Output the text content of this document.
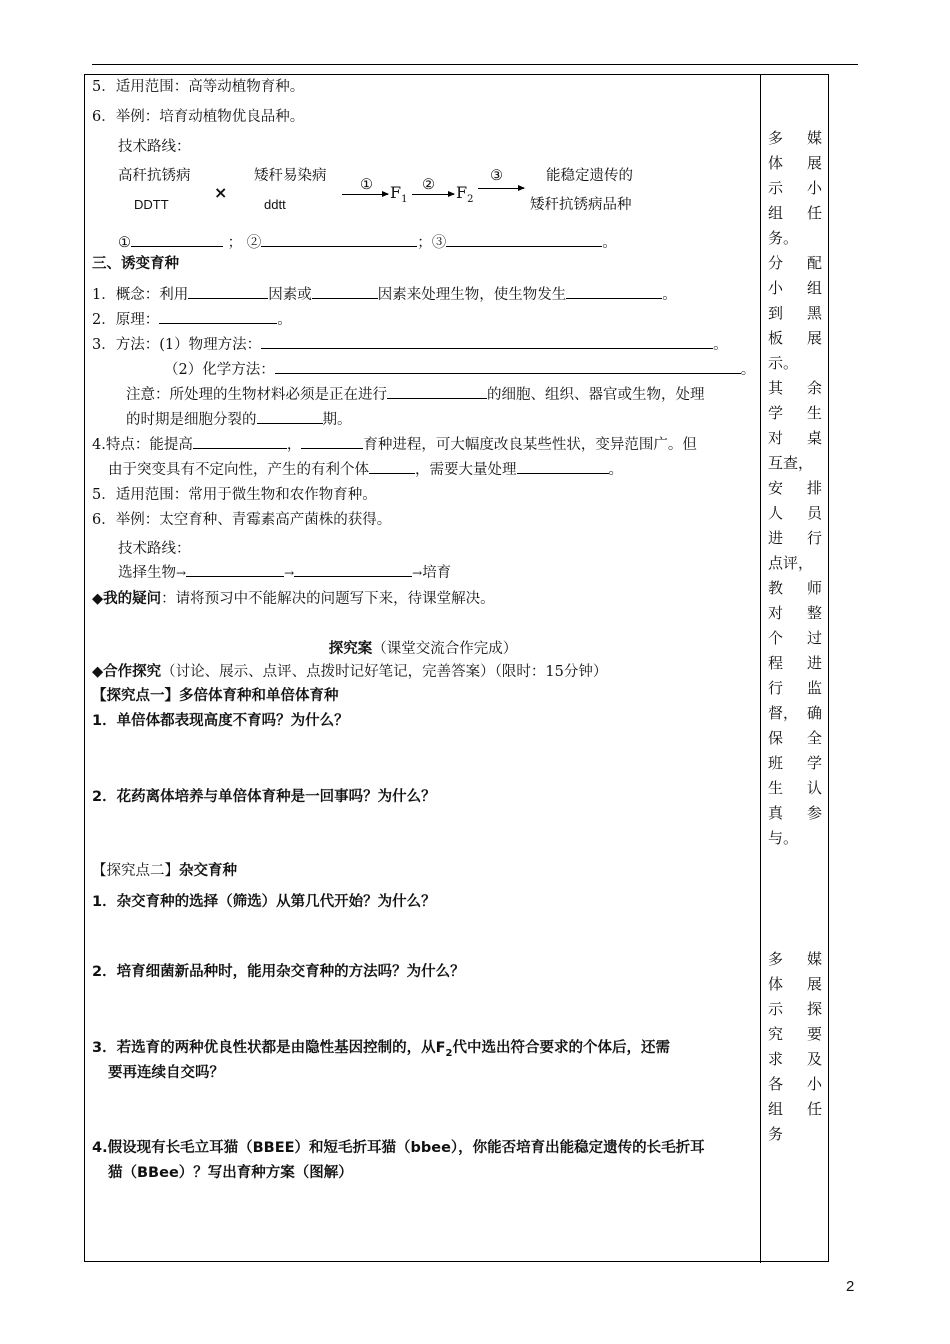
5．适用范围：高等动植物育种。
6．举例：培育动植物优良品种。
技术路线：
高秆抗锈病
DDTT
×
矮秆易染病
ddtt
① $F_1$
② $F_2$
③	能稳定遗传的
矮秆抗锈病品种
①	； ②	；③	。
三、诱变育种
1．概念：利用	因素或	因素来处理生物，使生物发生	。
2．原理：	。
3．方法：(1）物理方法：	。
（2）化学方法：	。
注意：所处理的生物材料必须是正在进行	的细胞、组织、器官或生物，处理
的时期是细胞分裂的	期。
4.特点：能提高	，	育种进程，可大幅度改良某些性状，变异范围广。但
由于突变具有不定向性，产生的有利个体	，需要大量处理	。
5．适用范围：常用于微生物和农作物育种。
6．举例：太空育种、青霉素高产菌株的获得。
技术路线：
选择生物→	→	→培育
◆我的疑问：请将预习中不能解决的问题写下来，待课堂解决。
探究案（课堂交流合作完成）
◆合作探究（讨论、展示、点评、点拨时记好笔记，完善答案）（限时：15分钟）
【探究点一】多倍体育种和单倍体育种
1．单倍体都表现高度不育吗？为什么？
2．花药离体培养与单倍体育种是一回事吗？为什么？
【探究点二】杂交育种
1．杂交育种的选择（筛选）从第几代开始？为什么？
2．培育细菌新品种时，能用杂交育种的方法吗？为什么？
3．若选育的两种优良性状都是由隐性基因控制的，从$F_2$代中选出符合要求的个体后，还需
要再连续自交吗？
4.假设现有长毛立耳猫（BBEE）和短毛折耳猫（bbee），你能否培育出能稳定遗传的长毛折耳
猫（BBee）？写出育种方案（图解）
多 媒
体 展
示 小
组 任
务。
分 配
小 组
到 黑
板 展
示。
其 余
学 生
对 桌
互查，
安 排
人 员
进 行
点评，
教 师
对 整
个 过
程 进
行 监
督， 确
保 全
班 学
生 认
真 参
与。
多 媒
体 展
示 探
究 要
求 及
各 小
组 任
务
2
